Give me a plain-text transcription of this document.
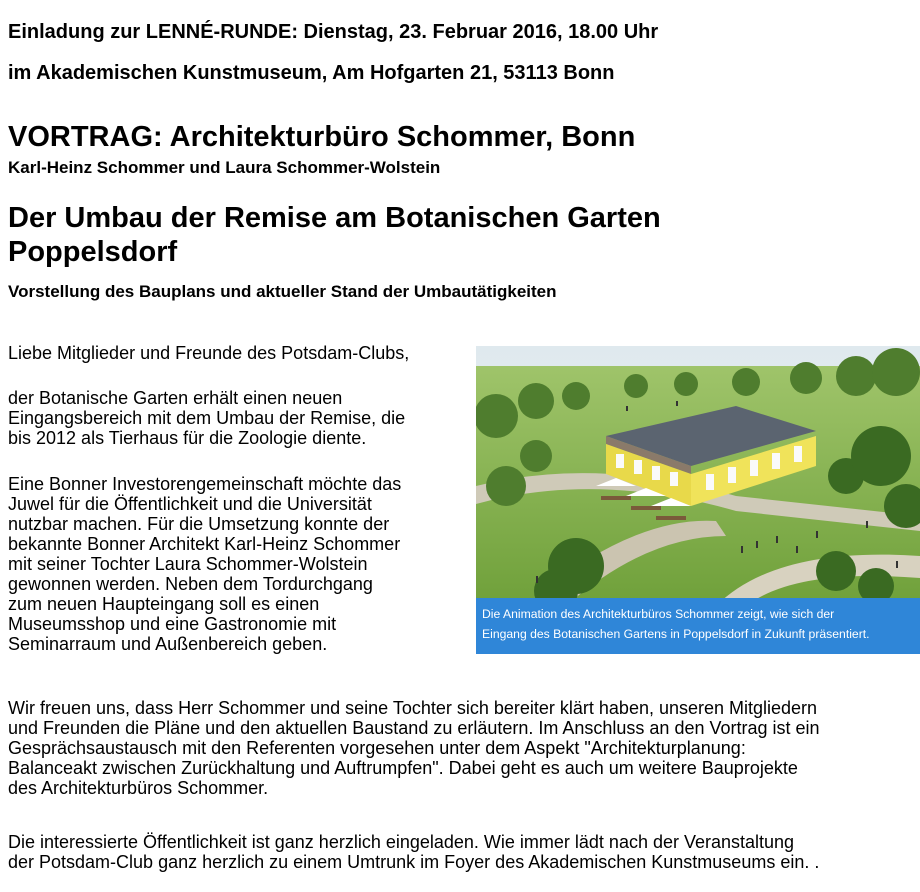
Einladung zur LENNÉ-RUNDE: Dienstag, 23. Februar 2016, 18.00 Uhr
im Akademischen Kunstmuseum, Am Hofgarten 21, 53113 Bonn
VORTRAG: Architekturbüro Schommer, Bonn
Karl-Heinz Schommer und Laura Schommer-Wolstein
Der Umbau der Remise am Botanischen Garten
Poppelsdorf
Vorstellung des Bauplans und aktueller Stand der Umbautätigkeiten
Liebe Mitglieder und Freunde des Potsdam-Clubs,
der Botanische Garten erhält einen neuen
Eingangsbereich mit dem Umbau der Remise, die
bis 2012 als Tierhaus für die Zoologie diente.
Eine Bonner Investorengemeinschaft möchte das
Juwel für die Öffentlichkeit und die Universität
nutzbar machen. Für die Umsetzung konnte der
bekannte Bonner Architekt Karl-Heinz Schommer
mit seiner Tochter Laura Schommer-Wolstein
gewonnen werden. Neben dem Tordurchgang
zum neuen Haupteingang soll es einen
Museumsshop und eine Gastronomie mit
Seminarraum und Außenbereich geben.
Wir freuen uns, dass Herr Schommer und seine Tochter sich bereiter klärt haben, unseren Mitgliedern
und Freunden die Pläne und den aktuellen Baustand zu erläutern. Im Anschluss an den Vortrag ist ein
Gesprächsaustausch mit den Referenten vorgesehen unter dem Aspekt "Architekturplanung:
Balanceakt zwischen Zurückhaltung und Auftrumpfen". Dabei geht es auch um weitere Bauprojekte
des Architekturbüros Schommer.
Die interessierte Öffentlichkeit ist ganz herzlich eingeladen. Wie immer lädt nach der Veranstaltung
der Potsdam-Club ganz herzlich zu einem Umtrunk im Foyer des Akademischen Kunstmuseums ein. .
Die Animation des Architekturbüros Schommer zeigt, wie sich der
Eingang des Botanischen Gartens in Poppelsdorf in Zukunft präsentiert.
